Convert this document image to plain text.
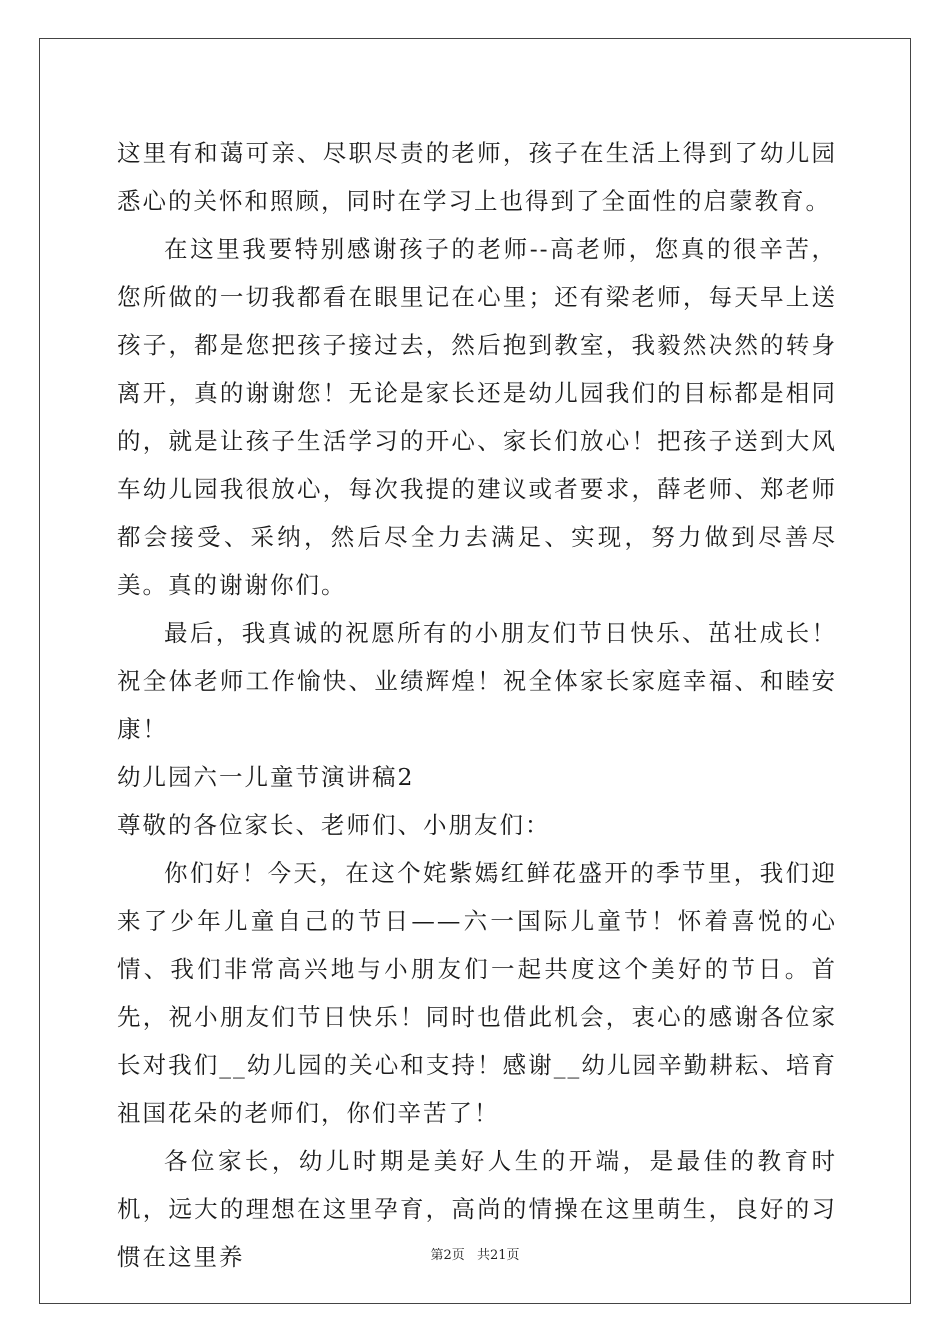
这里有和蔼可亲、尽职尽责的老师，孩子在生活上得到了幼儿园悉心的关怀和照顾，同时在学习上也得到了全面性的启蒙教育。

在这里我要特别感谢孩子的老师--高老师，您真的很辛苦，您所做的一切我都看在眼里记在心里；还有梁老师，每天早上送孩子，都是您把孩子接过去，然后抱到教室，我毅然决然的转身离开，真的谢谢您！无论是家长还是幼儿园我们的目标都是相同的，就是让孩子生活学习的开心、家长们放心！把孩子送到大风车幼儿园我很放心，每次我提的建议或者要求，薛老师、郑老师都会接受、采纳，然后尽全力去满足、实现，努力做到尽善尽美。真的谢谢你们。

最后，我真诚的祝愿所有的小朋友们节日快乐、茁壮成长！祝全体老师工作愉快、业绩辉煌！祝全体家长家庭幸福、和睦安康！

幼儿园六一儿童节演讲稿2

尊敬的各位家长、老师们、小朋友们：

你们好！今天，在这个姹紫嫣红鲜花盛开的季节里，我们迎来了少年儿童自己的节日——六一国际儿童节！怀着喜悦的心情、我们非常高兴地与小朋友们一起共度这个美好的节日。首先，祝小朋友们节日快乐！同时也借此机会，衷心的感谢各位家长对我们__幼儿园的关心和支持！感谢__幼儿园辛勤耕耘、培育祖国花朵的老师们，你们辛苦了！

各位家长，幼儿时期是美好人生的开端，是最佳的教育时机，远大的理想在这里孕育，高尚的情操在这里萌生，良好的习惯在这里养	第2页 共21页
